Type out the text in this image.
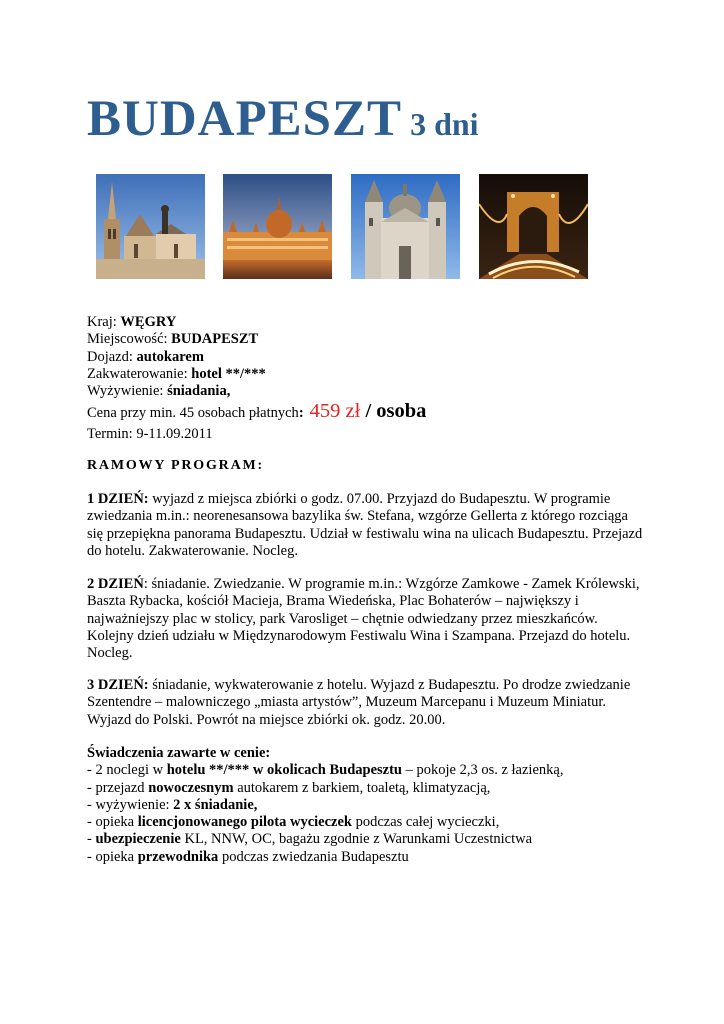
BUDAPESZT 3 dni
Kraj: WĘGRY
Miejscowość: BUDAPESZT
Dojazd: autokarem
Zakwaterowanie: hotel **/***
Wyżywienie: śniadania,
Cena przy min. 45 osobach płatnych: 459 zł / osoba
Termin: 9-11.09.2011
RAMOWY PROGRAM:

1 DZIEŃ: wyjazd z miejsca zbiórki o godz. 07.00. Przyjazd do Budapesztu. W programie zwiedzania m.in.: neorenesansowa bazylika św. Stefana, wzgórze Gellerta z którego rozciąga się przepiękna panorama Budapesztu. Udział w festiwalu wina na ulicach Budapesztu. Przejazd do hotelu. Zakwaterowanie. Nocleg.

2 DZIEŃ: śniadanie. Zwiedzanie. W programie m.in.: Wzgórze Zamkowe - Zamek Królewski, Baszta Rybacka, kościół Macieja, Brama Wiedeńska, Plac Bohaterów – największy i najważniejszy plac w stolicy, park Varosliget – chętnie odwiedzany przez mieszkańców. Kolejny dzień udziału w Międzynarodowym Festiwalu Wina i Szampana. Przejazd do hotelu. Nocleg.

3 DZIEŃ: śniadanie, wykwaterowanie z hotelu. Wyjazd z Budapesztu. Po drodze zwiedzanie Szentendre – malowniczego „miasta artystów”, Muzeum Marcepanu i Muzeum Miniatur. Wyjazd do Polski. Powrót na miejsce zbiórki ok. godz. 20.00.

Świadczenia zawarte w cenie:

- 2 noclegi w hotelu **/*** w okolicach Budapesztu – pokoje 2,3 os. z łazienką,

- przejazd nowoczesnym autokarem z barkiem, toaletą, klimatyzacją,

- wyżywienie: 2 x śniadanie,

- opieka licencjonowanego pilota wycieczek podczas całej wycieczki,

- ubezpieczenie KL, NNW, OC, bagażu zgodnie z Warunkami Uczestnictwa

- opieka przewodnika podczas zwiedzania Budapesztu
